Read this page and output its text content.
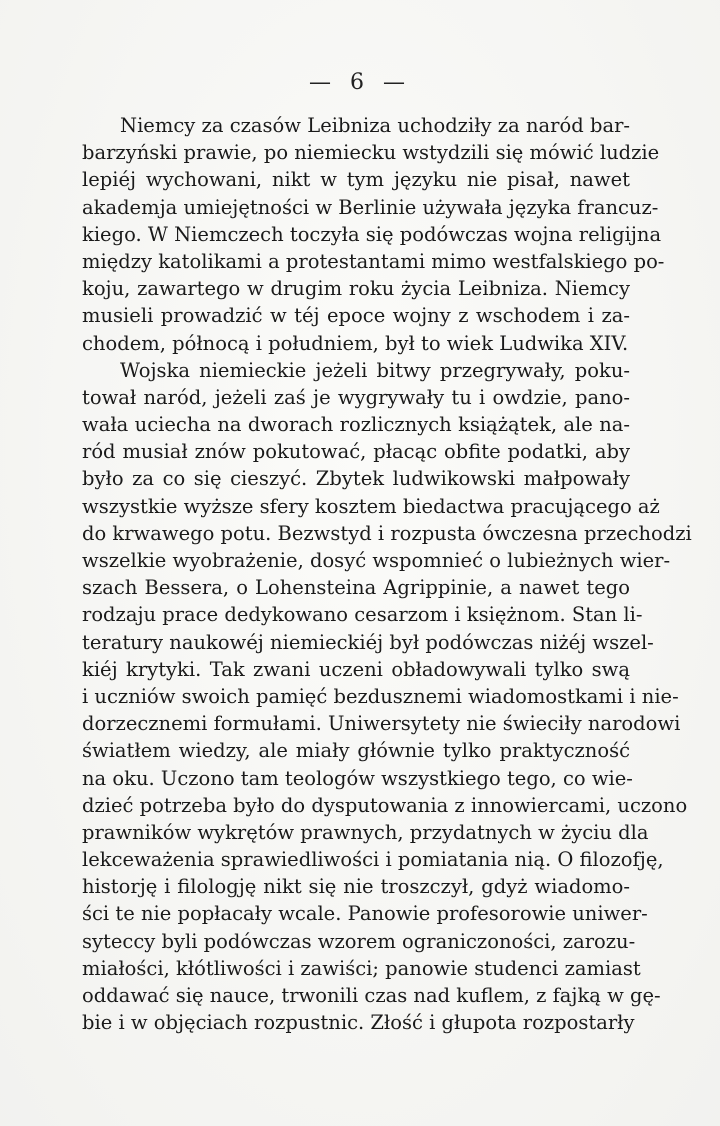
— 6 —
Niemcy za czasów Leibniza uchodziły za naród bar-
barzyński prawie, po niemiecku wstydzili się mówić ludzie
lepiéj wychowani, nikt w tym języku nie pisał, nawet
akademja umiejętności w Berlinie używała języka francuz-
kiego. W Niemczech toczyła się podówczas wojna religijna
między katolikami a protestantami mimo westfalskiego po-
koju, zawartego w drugim roku życia Leibniza. Niemcy
musieli prowadzić w téj epoce wojny z wschodem i za-
chodem, północą i południem, był to wiek Ludwika XIV.
Wojska niemieckie jeżeli bitwy przegrywały, poku-
tował naród, jeżeli zaś je wygrywały tu i owdzie, pano-
wała uciecha na dworach rozlicznych książątek, ale na-
ród musiał znów pokutować, płacąc obfite podatki, aby
było za co się cieszyć. Zbytek ludwikowski małpowały
wszystkie wyższe sfery kosztem biedactwa pracującego aż
do krwawego potu. Bezwstyd i rozpusta ówczesna przechodzi
wszelkie wyobrażenie, dosyć wspomnieć o lubieżnych wier-
szach Bessera, o Lohensteina Agrippinie, a nawet tego
rodzaju prace dedykowano cesarzom i księżnom. Stan li-
teratury naukowéj niemieckiéj był podówczas niżéj wszel-
kiéj krytyki. Tak zwani uczeni obładowywali tylko swą
i uczniów swoich pamięć bezdusznemi wiadomostkami i nie-
dorzecznemi formułami. Uniwersytety nie świeciły narodowi
światłem wiedzy, ale miały głównie tylko praktyczność
na oku. Uczono tam teologów wszystkiego tego, co wie-
dzieć potrzeba było do dysputowania z innowiercami, uczono
prawników wykrętów prawnych, przydatnych w życiu dla
lekceważenia sprawiedliwości i pomiatania nią. O filozofję,
historję i filologję nikt się nie troszczył, gdyż wiadomo-
ści te nie popłacały wcale. Panowie profesorowie uniwer-
syteccy byli podówczas wzorem ograniczoności, zarozu-
miałości, kłótliwości i zawiści; panowie studenci zamiast
oddawać się nauce, trwonili czas nad kuflem, z fajką w gę-
bie i w objęciach rozpustnic. Złość i głupota rozpostarły
